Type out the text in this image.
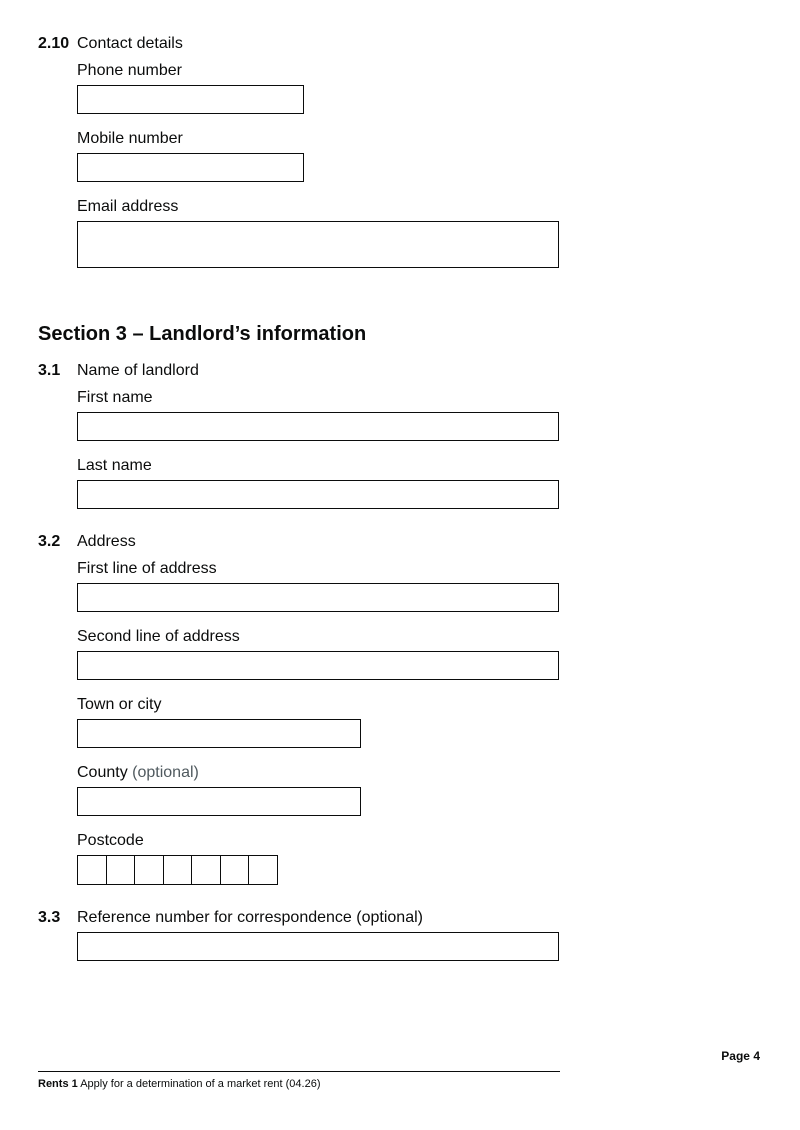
2.10 Contact details
Phone number
Mobile number
Email address
Section 3 – Landlord’s information
3.1	Name of landlord
First name
Last name
3.2	Address
First line of address
Second line of address
Town or city
County (optional)
Postcode
3.3	Reference number for correspondence (optional)
Page 4
Rents 1 Apply for a determination of a market rent (04.26)
